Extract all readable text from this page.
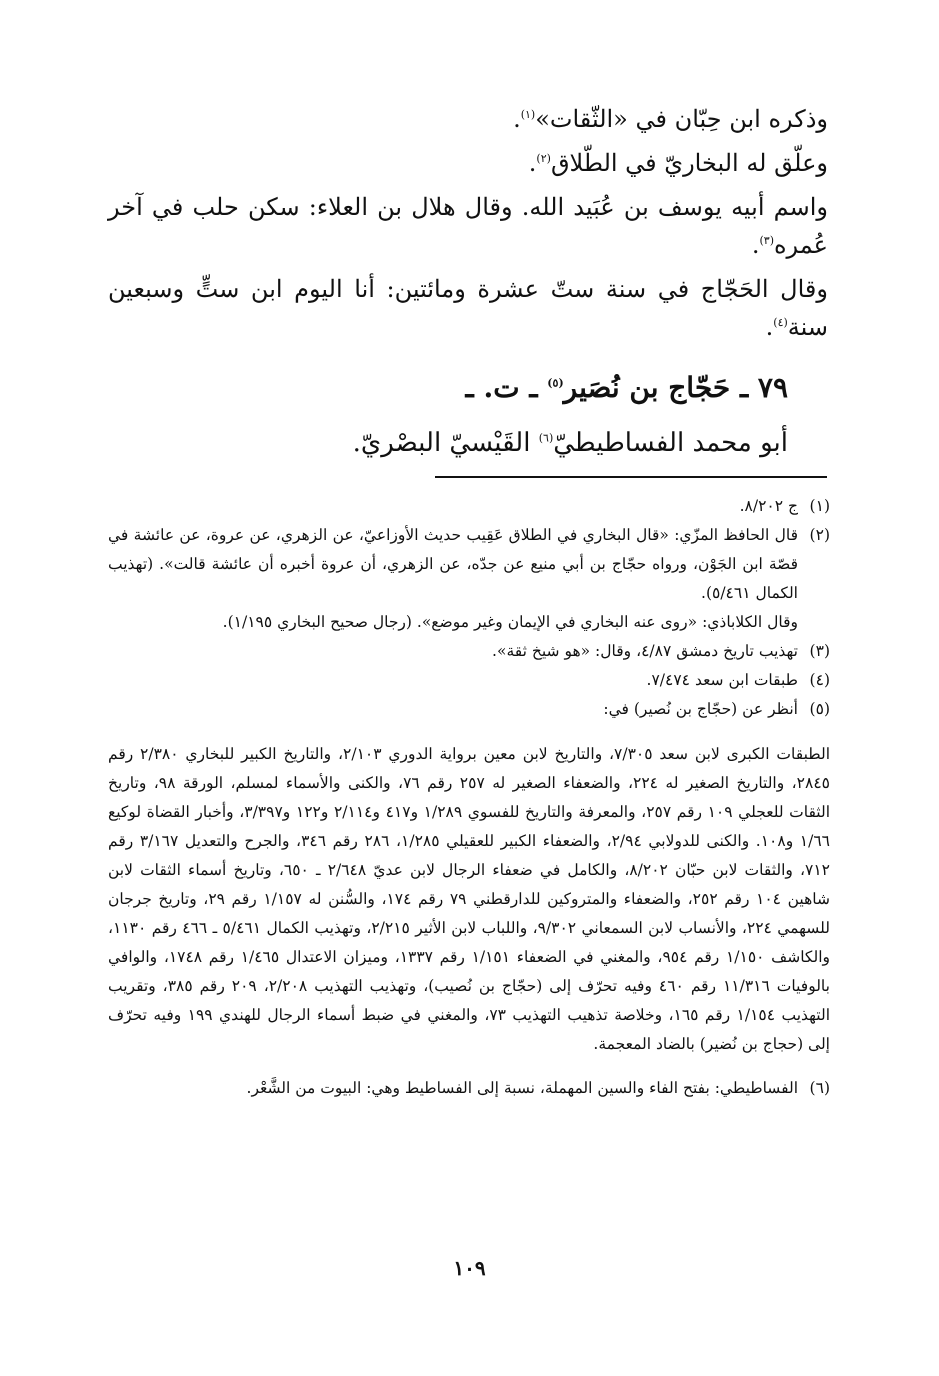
وذكره ابن حِبّان في «الثّقات»$^{(١)}$.

وعلّق له البخاريّ في الطّلاق$^{(٢)}$.

واسم أبيه يوسف بن عُبَيد الله. وقال هلال بن العلاء: سكن حلب في آخر عُمره$^{(٣)}$.

وقال الحَجّاج في سنة ستّ عشرة ومائتين: أنا اليوم ابن ستٍّ وسبعين سنة$^{(٤)}$.

٧٩ ـ حَجّاج بن نُصَير$^{(٥)}$ ـ ت. ـ
أبو محمد الفساطيطيّ$^{(٦)}$ القَيْسيّ البصْريّ.
(١)

ج ٨/٢٠٢.

(٢)

قال الحافظ المزّي: «قال البخاري في الطلاق عَقِيب حديث الأوزاعيّ، عن الزهري، عن عروة، عن عائشة في قصّة ابن الجَوْن، ورواه حجّاج بن أبي منيع عن جدّه، عن الزهري، أن عروة أخبره أن عائشة قالت». (تهذيب الكمال ٥/٤٦١).

وقال الكلاباذي: «روى عنه البخاري في الإيمان وغير موضع». (رجال صحيح البخاري ١/١٩٥).

(٣)

تهذيب تاريخ دمشق ٤/٨٧، وقال: «هو شيخ ثقة».

(٤)

طبقات ابن سعد ٧/٤٧٤.

(٥)

أنظر عن (حجّاج بن نُصير) في:

الطبقات الكبرى لابن سعد ٧/٣٠٥، والتاريخ لابن معين برواية الدوري ٢/١٠٣، والتاريخ الكبير للبخاري ٢/٣٨٠ رقم ٢٨٤٥، والتاريخ الصغير له ٢٢٤، والضعفاء الصغير له ٢٥٧ رقم ٧٦، والكنى والأسماء لمسلم، الورقة ٩٨، وتاريخ الثقات للعجلي ١٠٩ رقم ٢٥٧، والمعرفة والتاريخ للفسوي ١/٢٨٩ و٤١٧ و٢/١١٤ و١٢٢ و٣/٣٩٧، وأخبار القضاة لوكيع ١/٦٦ و١٠٨. والكنى للدولابي ٢/٩٤، والضعفاء الكبير للعقيلي ١/٢٨٥، ٢٨٦ رقم ٣٤٦، والجرح والتعديل ٣/١٦٧ رقم ٧١٢، والثقات لابن حبّان ٨/٢٠٢، والكامل في ضعفاء الرجال لابن عديّ ٢/٦٤٨ ـ ٦٥٠، وتاريخ أسماء الثقات لابن شاهين ١٠٤ رقم ٢٥٢، والضعفاء والمتروكين للدارقطني ٧٩ رقم ١٧٤، والسُّنن له ١/١٥٧ رقم ٢٩، وتاريخ جرجان للسهمي ٢٢٤، والأنساب لابن السمعاني ٩/٣٠٢، واللباب لابن الأثير ٢/٢١٥، وتهذيب الكمال ٥/٤٦١ ـ ٤٦٦ رقم ١١٣٠، والكاشف ١/١٥٠ رقم ٩٥٤، والمغني في الضعفاء ١/١٥١ رقم ١٣٣٧، وميزان الاعتدال ١/٤٦٥ رقم ١٧٤٨، والوافي بالوفيات ١١/٣١٦ رقم ٤٦٠ وفيه تحرّف إلى (حجّاج بن نُصيب)، وتهذيب التهذيب ٢/٢٠٨، ٢٠٩ رقم ٣٨٥، وتقريب التهذيب ١/١٥٤ رقم ١٦٥، وخلاصة تذهيب التهذيب ٧٣، والمغني في ضبط أسماء الرجال للهندي ١٩٩ وفيه تحرّف إلى (حجاج بن نُضير) بالضاد المعجمة.

(٦)

الفساطيطي: بفتح الفاء والسين المهملة، نسبة إلى الفساطيط وهي: البيوت من الشَّعْر.

١٠٩
